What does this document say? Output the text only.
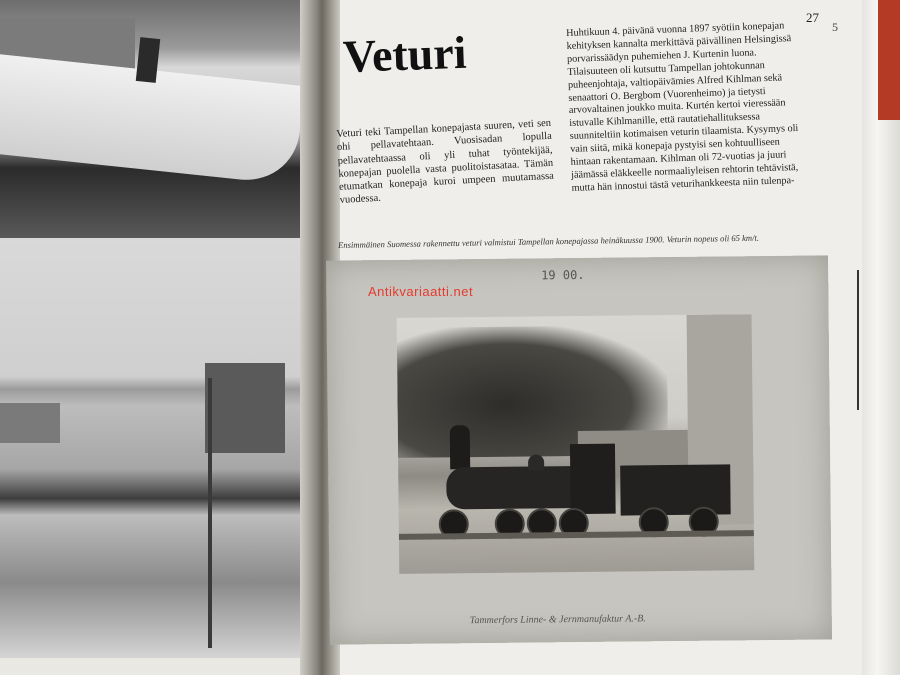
27
5
Veturi
Veturi teki Tampellan konepajasta suuren, veti sen ohi pellavatehtaan. Vuosisadan lopulla pellavatehtaassa oli yli tuhat työntekijää, konepajan puolella vasta puolitoistasataa. Tämän etumatkan konepaja kuroi umpeen muutamassa vuodessa.
Huhtikuun 4. päivänä vuonna 1897 syötiin konepajan kehityksen kannalta merkittävä päivällinen Helsingissä porvarissäädyn puhemiehen J. Kurtenin luona. Tilaisuuteen oli kutsuttu Tampellan johtokunnan puheenjohtaja, valtiopäivämies Alfred Kihlman sekä senaattori O. Bergbom (Vuorenheimo) ja tietysti arvovaltainen joukko muita. Kurtén kertoi vieressään istuvalle Kihlmanille, että rautatiehallituksessa suunniteltiin kotimaisen veturin tilaamista. Kysymys oli vain siitä, mikä konepaja pystyisi sen kohtuulliseen hintaan rakentamaan. Kihlman oli 72-vuotias ja juuri jäämässä eläkkeelle normaaliyleisen rehtorin tehtävistä, mutta hän innostui tästä veturihankkeesta niin tulenpa-
Ensimmäinen Suomessa rakennettu veturi valmistui Tampellan konepajassa heinäkuussa 1900. Veturin nopeus oli 65 km/t.
19 00.
Tammerfors Linne- & Jernmanufaktur A.-B.
Antikvariaatti.net
